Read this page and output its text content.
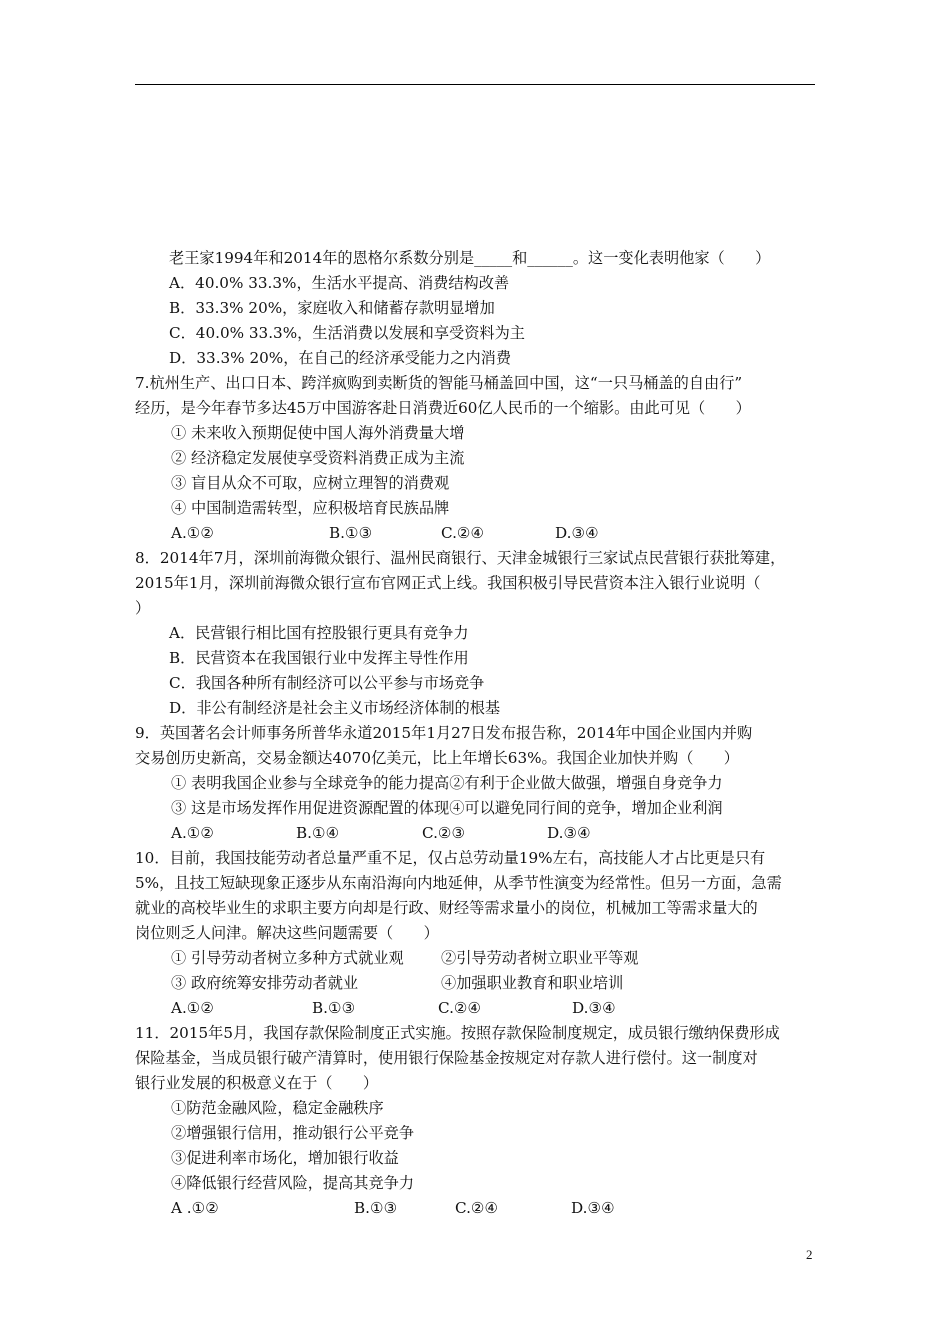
老王家1994年和2014年的恩格尔系数分别是_____和______。这一变化表明他家（　　）
A．40.0% 33.3%，生活水平提高、消费结构改善
B．33.3% 20%，家庭收入和储蓄存款明显增加
C．40.0% 33.3%，生活消费以发展和享受资料为主
D．33.3% 20%，在自己的经济承受能力之内消费
7.杭州生产、出口日本、跨洋疯购到卖断货的智能马桶盖回中国，这“一只马桶盖的自由行”
经历，是今年春节多达45万中国游客赴日消费近60亿人民币的一个缩影。由此可见（　　）
① 未来收入预期促使中国人海外消费量大增
② 经济稳定发展使享受资料消费正成为主流
③ 盲目从众不可取，应树立理智的消费观
④ 中国制造需转型，应积极培育民族品牌
A.①②	B.①③	C.②④	D.③④
8．2014年7月，深圳前海微众银行、温州民商银行、天津金城银行三家试点民营银行获批筹建，
2015年1月，深圳前海微众银行宣布官网正式上线。我国积极引导民营资本注入银行业说明（
）
A．民营银行相比国有控股银行更具有竞争力
B．民营资本在我国银行业中发挥主导性作用
C．我国各种所有制经济可以公平参与市场竞争
D．非公有制经济是社会主义市场经济体制的根基
9．英国著名会计师事务所普华永道2015年1月27日发布报告称，2014年中国企业国内并购
交易创历史新高，交易金额达4070亿美元，比上年增长63%。我国企业加快并购（　　）
① 表明我国企业参与全球竞争的能力提高②有利于企业做大做强，增强自身竞争力
③ 这是市场发挥作用促进资源配置的体现④可以避免同行间的竞争，增加企业利润
A.①②	B.①④	C.②③	D.③④
10．目前，我国技能劳动者总量严重不足，仅占总劳动量19%左右，高技能人才占比更是只有
5%，且技工短缺现象正逐步从东南沿海向内地延伸，从季节性演变为经常性。但另一方面，急需
就业的高校毕业生的求职主要方向却是行政、财经等需求量小的岗位，机械加工等需求量大的
岗位则乏人问津。解决这些问题需要（　　）
① 引导劳动者树立多种方式就业观 ②引导劳动者树立职业平等观
③ 政府统筹安排劳动者就业	④加强职业教育和职业培训
A.①②	B.①③	C.②④	D.③④
11．2015年5月，我国存款保险制度正式实施。按照存款保险制度规定，成员银行缴纳保费形成
保险基金，当成员银行破产清算时，使用银行保险基金按规定对存款人进行偿付。这一制度对
银行业发展的积极意义在于（　　）
①防范金融风险，稳定金融秩序
②增强银行信用，推动银行公平竞争
③促进利率市场化，增加银行收益
④降低银行经营风险，提高其竞争力
A .①②	B.①③	C.②④	D.③④
2
